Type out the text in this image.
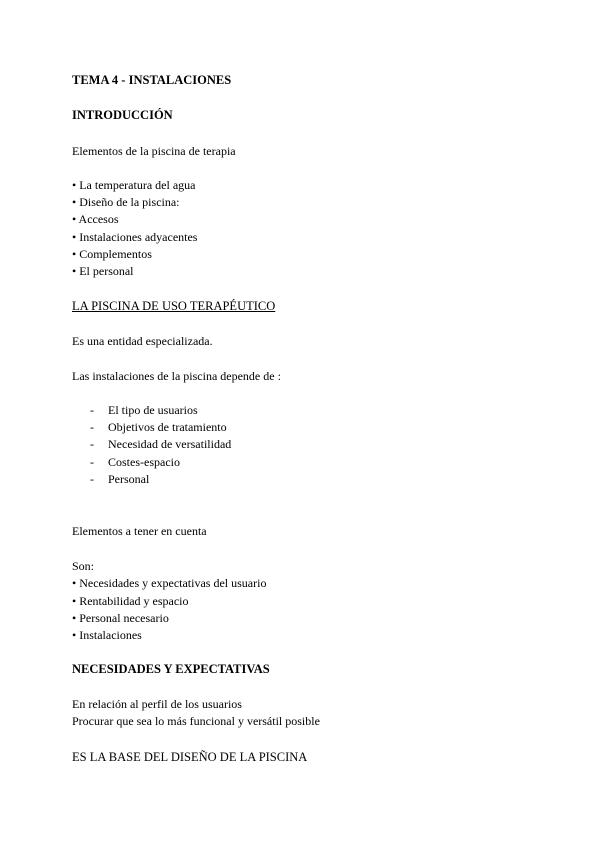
TEMA 4 - INSTALACIONES
INTRODUCCIÓN
Elementos de la piscina de terapia
• La temperatura del agua
• Diseño de la piscina:
• Accesos
• Instalaciones adyacentes
• Complementos
• El personal
LA PISCINA DE USO TERAPÉUTICO
Es una entidad especializada.
Las instalaciones de la piscina depende de :
- El tipo de usuarios
- Objetivos de tratamiento
- Necesidad de versatilidad
- Costes-espacio
- Personal
Elementos a tener en cuenta
Son:
• Necesidades y expectativas del usuario
• Rentabilidad y espacio
• Personal necesario
• Instalaciones
NECESIDADES Y EXPECTATIVAS
En relación al perfil de los usuarios
Procurar que sea lo más funcional y versátil posible
ES LA BASE DEL DISEÑO DE LA PISCINA
